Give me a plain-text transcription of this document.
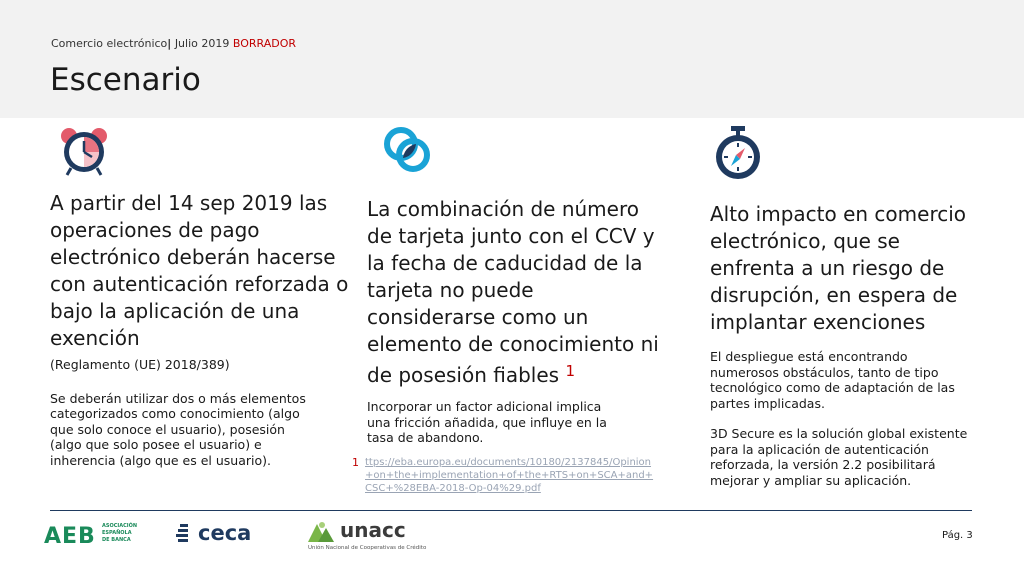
Comercio electrónico| Julio 2019 BORRADOR
Escenario
A partir del 14 sep 2019 las operaciones de pago electrónico deberán hacerse con autenticación reforzada o bajo la aplicación de una exención
(Reglamento (UE) 2018/389)
Se deberán utilizar dos o más elementos categorizados como conocimiento (algo que solo conoce el usuario), posesión (algo que solo posee el usuario) e inherencia (algo que es el usuario).
La combinación de número de tarjeta junto con el CCV y la fecha de caducidad de la tarjeta no puede considerarse como un elemento de conocimiento ni de posesión fiables $^1$
Incorporar un factor adicional implica una fricción añadida, que influye en la tasa de abandono.
1 ttps://eba.europa.eu/documents/10180/2137845/Opinion+on+the+implementation+of+the+RTS+on+SCA+and+CSC+%28EBA-2018-Op-04%29.pdf
Alto impacto en comercio electrónico, que se enfrenta a un riesgo de disrupción, en espera de implantar exenciones
El despliegue está encontrando numerosos obstáculos, tanto de tipo tecnológico como de adaptación de las partes implicadas.
3D Secure es la solución global existente para la aplicación de autenticación reforzada, la versión 2.2 posibilitará mejorar y ampliar su aplicación.
AEB ASOCIACIÓN ESPAÑOLA DE BANCA	ceca	unacc
Unión Nacional de Cooperativas de Crédito
Pág. 3
